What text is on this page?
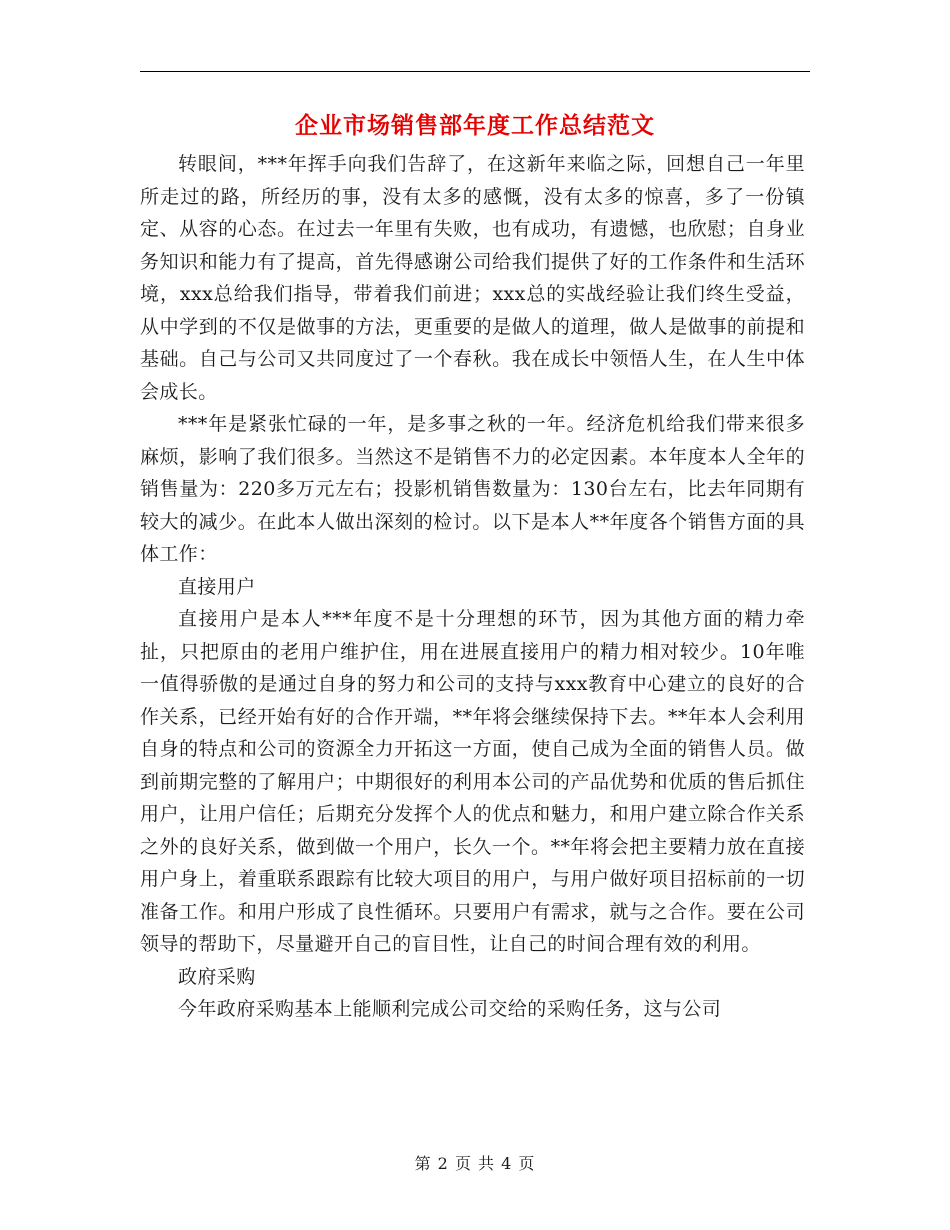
企业市场销售部年度工作总结范文

转眼间，***年挥手向我们告辞了，在这新年来临之际，回想自己一年里所走过的路，所经历的事，没有太多的感慨，没有太多的惊喜，多了一份镇定、从容的心态。在过去一年里有失败，也有成功，有遗憾，也欣慰；自身业务知识和能力有了提高，首先得感谢公司给我们提供了好的工作条件和生活环境，xxx总给我们指导，带着我们前进；xxx总的实战经验让我们终生受益，从中学到的不仅是做事的方法，更重要的是做人的道理，做人是做事的前提和基础。自己与公司又共同度过了一个春秋。我在成长中领悟人生，在人生中体会成长。

***年是紧张忙碌的一年，是多事之秋的一年。经济危机给我们带来很多麻烦，影响了我们很多。当然这不是销售不力的必定因素。本年度本人全年的销售量为：220多万元左右；投影机销售数量为：130台左右，比去年同期有较大的减少。在此本人做出深刻的检讨。以下是本人**年度各个销售方面的具体工作：

直接用户

直接用户是本人***年度不是十分理想的环节，因为其他方面的精力牵扯，只把原由的老用户维护住，用在进展直接用户的精力相对较少。10年唯一值得骄傲的是通过自身的努力和公司的支持与xxx教育中心建立的良好的合作关系，已经开始有好的合作开端，**年将会继续保持下去。**年本人会利用自身的特点和公司的资源全力开拓这一方面，使自己成为全面的销售人员。做到前期完整的了解用户；中期很好的利用本公司的产品优势和优质的售后抓住用户，让用户信任；后期充分发挥个人的优点和魅力，和用户建立除合作关系之外的良好关系，做到做一个用户，长久一个。**年将会把主要精力放在直接用户身上，着重联系跟踪有比较大项目的用户，与用户做好项目招标前的一切准备工作。和用户形成了良性循环。只要用户有需求，就与之合作。要在公司领导的帮助下，尽量避开自己的盲目性，让自己的时间合理有效的利用。

政府采购

今年政府采购基本上能顺利完成公司交给的采购任务，这与公司

第 2 页 共 4 页
